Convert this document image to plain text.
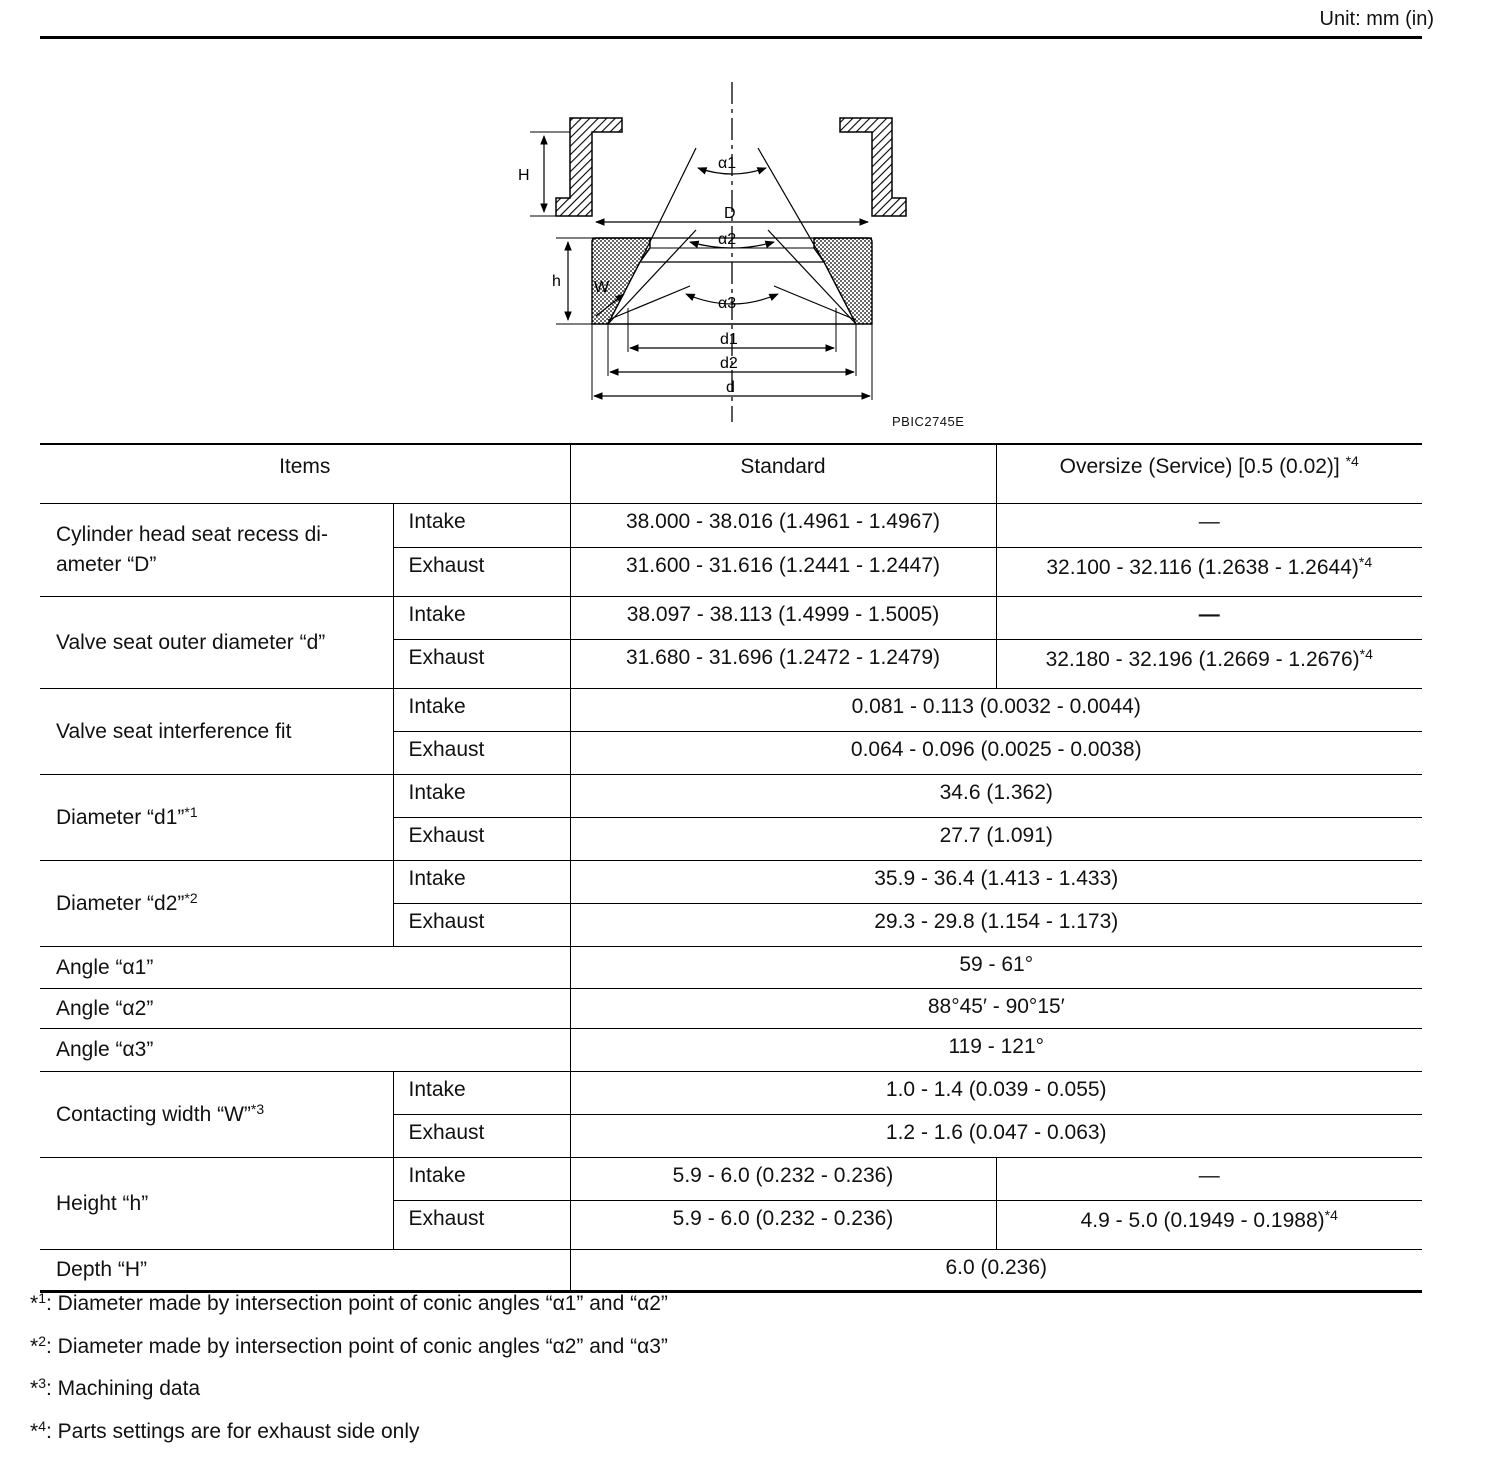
Unit: mm (in)
H
D
h
α1
α2
α3
W
d1
d2
d
PBIC2745E
Items		Standard	Oversize (Service) [0.5 (0.02)] $^{*4}$
Cylinder head seat recess di-
ameter “D”	Intake	38.000 - 38.016 (1.4961 - 1.4967)	—
	Exhaust	31.600 - 31.616 (1.2441 - 1.2447)	32.100 - 32.116 (1.2638 - 1.2644)$^{*4}$
Valve seat outer diameter “d”	Intake	38.097 - 38.113 (1.4999 - 1.5005)	—
	Exhaust	31.680 - 31.696 (1.2472 - 1.2479)	32.180 - 32.196 (1.2669 - 1.2676)$^{*4}$
Valve seat interference fit	Intake	0.081 - 0.113 (0.0032 - 0.0044)	
	Exhaust	0.064 - 0.096 (0.0025 - 0.0038)	
Diameter “d1”$^{*1}$	Intake	34.6 (1.362)	
	Exhaust	27.7 (1.091)	
Diameter “d2”$^{*2}$	Intake	35.9 - 36.4 (1.413 - 1.433)	
	Exhaust	29.3 - 29.8 (1.154 - 1.173)	
Angle “α1”		59 - 61°	
Angle “α2”		88°45′ - 90°15′	
Angle “α3”		119 - 121°	
Contacting width “W”$^{*3}$	Intake	1.0 - 1.4 (0.039 - 0.055)	
	Exhaust	1.2 - 1.6 (0.047 - 0.063)	
Height “h”	Intake	5.9 - 6.0 (0.232 - 0.236)	—
	Exhaust	5.9 - 6.0 (0.232 - 0.236)	4.9 - 5.0 (0.1949 - 0.1988)$^{*4}$
Depth “H”		6.0 (0.236)	
*$^1$: Diameter made by intersection point of conic angles “α1” and “α2”
*$^2$: Diameter made by intersection point of conic angles “α2” and “α3”
*$^3$: Machining data
*$^4$: Parts settings are for exhaust side only
